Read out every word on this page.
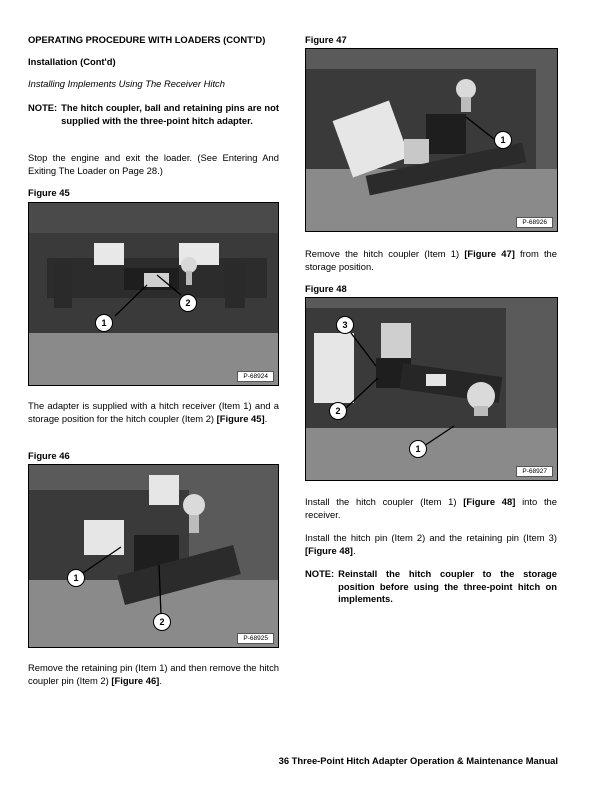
OPERATING PROCEDURE WITH LOADERS (CONT’D)
Installation (Cont'd)
Installing Implements Using The Receiver Hitch
NOTE: The hitch coupler, ball and retaining pins are not supplied with the three-point hitch adapter.
Stop the engine and exit the loader. (See Entering And Exiting The Loader on Page 28.)
Figure 45
1
2
P-68924
The adapter is supplied with a hitch receiver (Item 1) and a storage position for the hitch coupler (Item 2) [Figure 45].
Figure 46
1
2
P-68925
Remove the retaining pin (Item 1) and then remove the hitch coupler pin (Item 2) [Figure 46].
Figure 47
1
P-68926
Remove the hitch coupler (Item 1) [Figure 47] from the storage position.
Figure 48
3
2
1
P-68927
Install the hitch coupler (Item 1) [Figure 48] into the receiver.
Install the hitch pin (Item 2) and the retaining pin (Item 3) [Figure 48].
NOTE: Reinstall the hitch coupler to the storage position before using the three-point hitch on implements.
36 Three-Point Hitch Adapter Operation & Maintenance Manual
